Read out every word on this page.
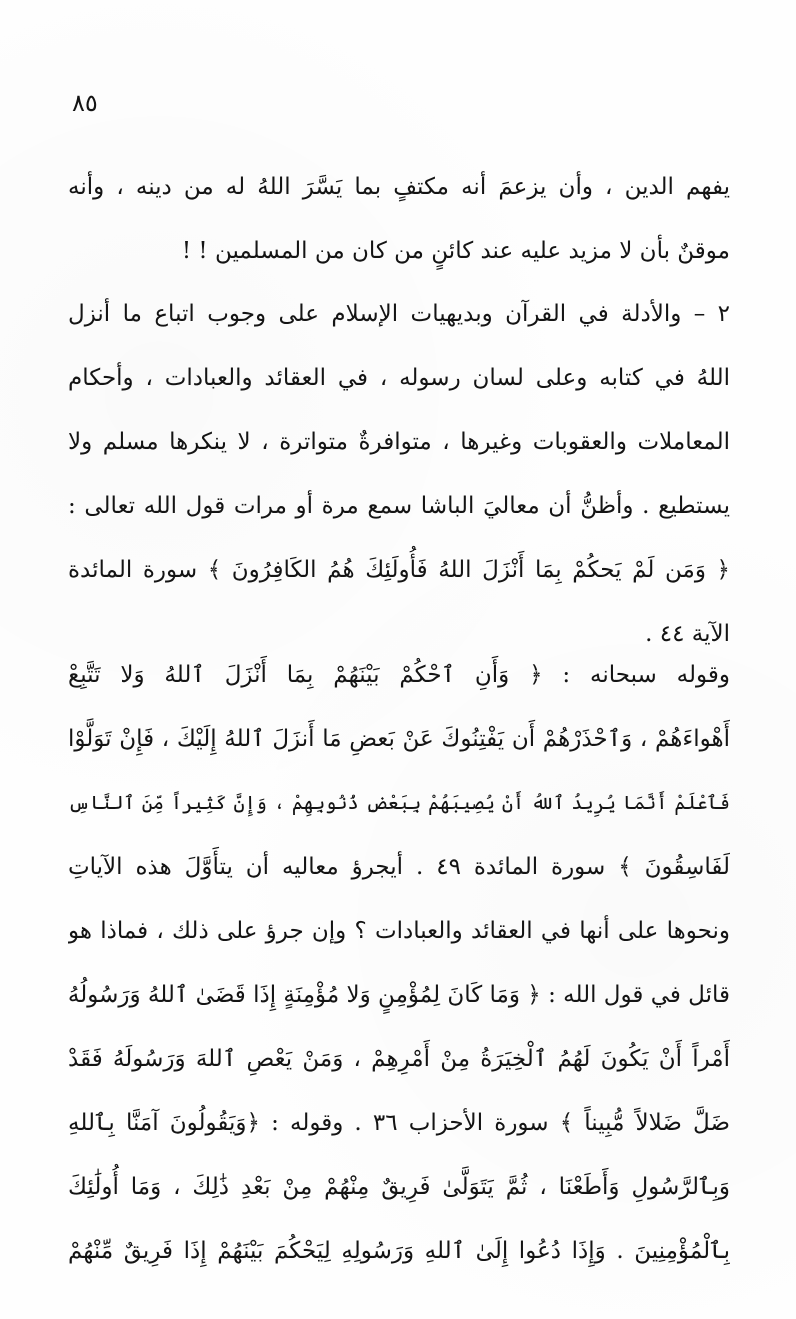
٨٥
يفهم الدين ، وأن يزعمَ أنه مكتفٍ بما يَسَّرَ اللهُ له من دينه ، وأنه
موقنٌ بأن لا مزيد عليه عند كائنٍ من كان من المسلمين ! !
٢ – والأدلة في القرآن وبديهيات الإسلام على وجوب اتباع ما أنزل
اللهُ في كتابه وعلى لسان رسوله ، في العقائد والعبادات ، وأحكام
المعاملات والعقوبات وغيرها ، متوافرةٌ متواترة ، لا ينكرها مسلم ولا
يستطيع . وأظنُّ أن معاليَ الباشا سمع مرة أو مرات قول الله تعالى :
﴿ وَمَن لَمْ يَحكُمْ بِمَا أَنْزَلَ اللهُ فَأُولَئِكَ هُمُ الكَافِرُونَ ﴾ سورة المائدة
الآية ٤٤ .
وقوله سبحانه : ﴿ وَأَنِ ٱحْكُمْ بَيْنَهُمْ بِمَا أَنْزَلَ ٱللهُ وَلا تَتَّبِعْ
أَهْواءَهُمْ ، وَٱحْذَرْهُمْ أَن يَفْتِنُوكَ عَنْ بَعضِ مَا أَنزَلَ ٱللهُ إِلَيْكَ ، فَإِنْ تَوَلَّوْا
فَٱعْلَمْ أَنَّمَا يُرِيدُ ٱللهُ أَنْ يُصِيبَهُمْ بِبَعْضِ ذُنُوبِهِمْ ، وَإِنَّ كَثِيراً مِّنَ ٱلنَّاسِ
لَفَاسِقُونَ ﴾ سورة المائدة ٤٩ . أيجرؤ معاليه أن يتأَوَّلَ هذه الآياتِ
ونحوها على أنها في العقائد والعبادات ؟ وإن جرؤ على ذلك ، فماذا هو
قائل في قول الله : ﴿ وَمَا كَانَ لِمُؤْمِنٍ وَلا مُؤْمِنَةٍ إِذَا قَضَىٰ ٱللهُ وَرَسُولُهُ
أَمْراً أَنْ يَكُونَ لَهُمُ ٱلْخِيَرَةُ مِنْ أَمْرِهِمْ ، وَمَنْ يَعْصِ ٱللهَ وَرَسُولَهُ فَقَدْ
ضَلَّ ضَلالاً مُّبِيناً ﴾ سورة الأحزاب ٣٦ . وقوله : ﴿وَيَقُولُونَ آمَنَّا بِٱللهِ
وَبِٱلرَّسُولِ وَأَطَعْنَا ، ثُمَّ يَتَوَلَّىٰ فَرِيقٌ مِنْهُمْ مِنْ بَعْدِ ذَٰلِكَ ، وَمَا أُولَٰئِكَ
بِٱلْمُؤْمِنِينَ . وَإِذَا دُعُوا إِلَىٰ ٱللهِ وَرَسُولِهِ لِيَحْكُمَ بَيْنَهُمْ إِذَا فَرِيقٌ مِّنْهُمْ
